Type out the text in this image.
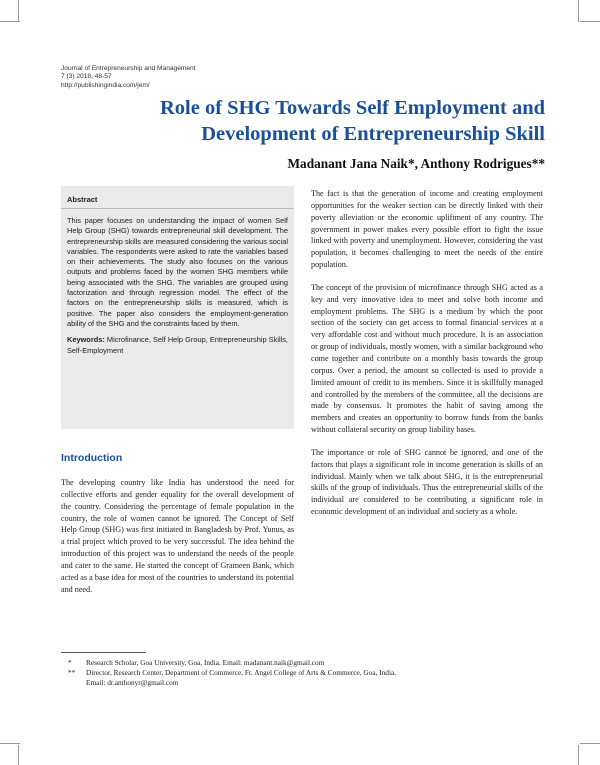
Journal of Entrepreneurship and Management
7 (3) 2018, 48-57
http://publishingindia.com/jem/
Role of SHG Towards Self Employment and
Development of Entrepreneurship Skill
Madanant Jana Naik*, Anthony Rodrigues**
Abstract

This paper focuses on understanding the impact of women Self Help Group (SHG) towards entrepreneurial skill development. The entrepreneurship skills are measured considering the various social variables. The respondents were asked to rate the variables based on their achievements. The study also focuses on the various outputs and problems faced by the women SHG members while being associated with the SHG. The variables are grouped using factorization and through regression model. The effect of the factors on the entrepreneurship skills is measured, which is positive. The paper also considers the employment-generation ability of the SHG and the constraints faced by them.

Keywords: Microfinance, Self Help Group, Entrepreneurship Skills, Self-Employment

Introduction

The developing country like India has understood the need for collective efforts and gender equality for the overall development of the country. Considering the percentage of female population in the country, the role of women cannot be ignored. The Concept of Self Help Group (SHG) was first initiated in Bangladesh by Prof. Yunus, as a trial project which proved to be very successful. The idea behind the introduction of this project was to understand the needs of the people and cater to the same. He started the concept of Grameen Bank, which acted as a base idea for most of the countries to understand its potential and need.

The fact is that the generation of income and creating employment opportunities for the weaker section can be directly linked with their poverty alleviation or the economic upliftment of any country. The government in power makes every possible effort to fight the issue linked with poverty and unemployment. However, considering the vast population, it becomes challenging to meet the needs of the entire population.

The concept of the provision of microfinance through SHG acted as a key and very innovative idea to meet and solve both income and employment problems. The SHG is a medium by which the poor section of the society can get access to formal financial services at a very affordable cost and without much procedure. It is an association or group of individuals, mostly women, with a similar background who come together and contribute on a monthly basis towards the group corpus. Over a period, the amount so collected is used to provide a limited amount of credit to its members. Since it is skillfully managed and controlled by the members of the committee, all the decisions are made by consensus. It promotes the habit of saving among the members and creates an opportunity to borrow funds from the banks without collateral security on group liability bases.

The importance or role of SHG cannot be ignored, and one of the factors that plays a significant role in income generation is skills of an individual. Mainly when we talk about SHG, it is the entrepreneurial skills of the group of individuals. Thus the entrepreneurial skills of the individual are considered to be contributing a significant role in economic development of an individual and society as a whole.

* Research Scholar, Goa University, Goa, India. Email: madanant.naik@gmail.com
** Director, Research Center, Department of Commerce, Fr. Angel College of Arts & Commerce, Goa, India.
Email: dr.anthonyr@gmail.com
